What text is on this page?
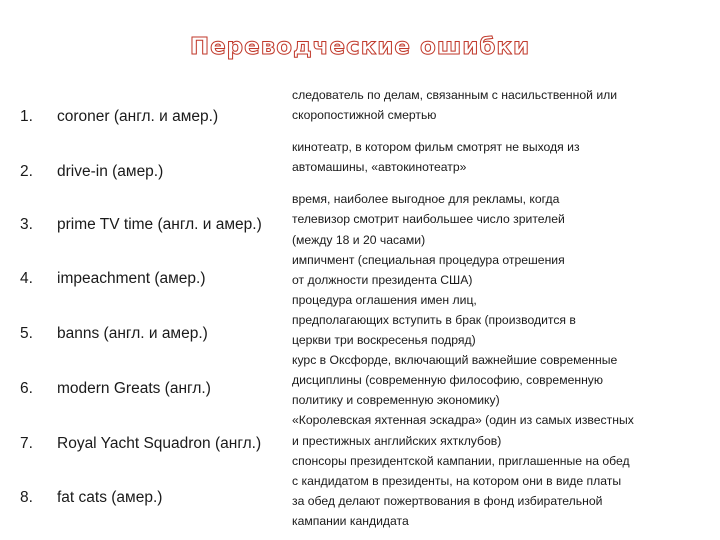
Переводческие ошибки
1. coroner (англ. и амер.)
2. drive-in (амер.)
3. prime TV time (англ. и амер.)
4. impeachment (амер.)
5. banns (англ. и амер.)
6. modern Greats (англ.)
7. Royal Yacht Squadron (англ.)
8. fat cats (амер.)
следователь по делам, связанным с насильственной или
скоропостижной смертью
кинотеатр, в котором фильм смотрят не выходя из
автомашины, «автокинотеатр»
время, наиболее выгодное для рекламы, когда
телевизор смотрит наибольшее число зрителей
(между 18 и 20 часами)
импичмент (специальная процедура отрешения
от должности президента США)
процедура оглашения имен лиц,
предполагающих вступить в брак (производится в
церкви три воскресенья подряд)
курс в Оксфорде, включающий важнейшие современные
дисциплины (современную философию, современную
политику и современную экономику)
«Королевская яхтенная эскадра» (один из самых известных
и престижных английских яхтклубов)
спонсоры президентской кампании, приглашенные на обед
с кандидатом в президенты, на котором они в виде платы
за обед делают пожертвования в фонд избирательной
кампании кандидата
